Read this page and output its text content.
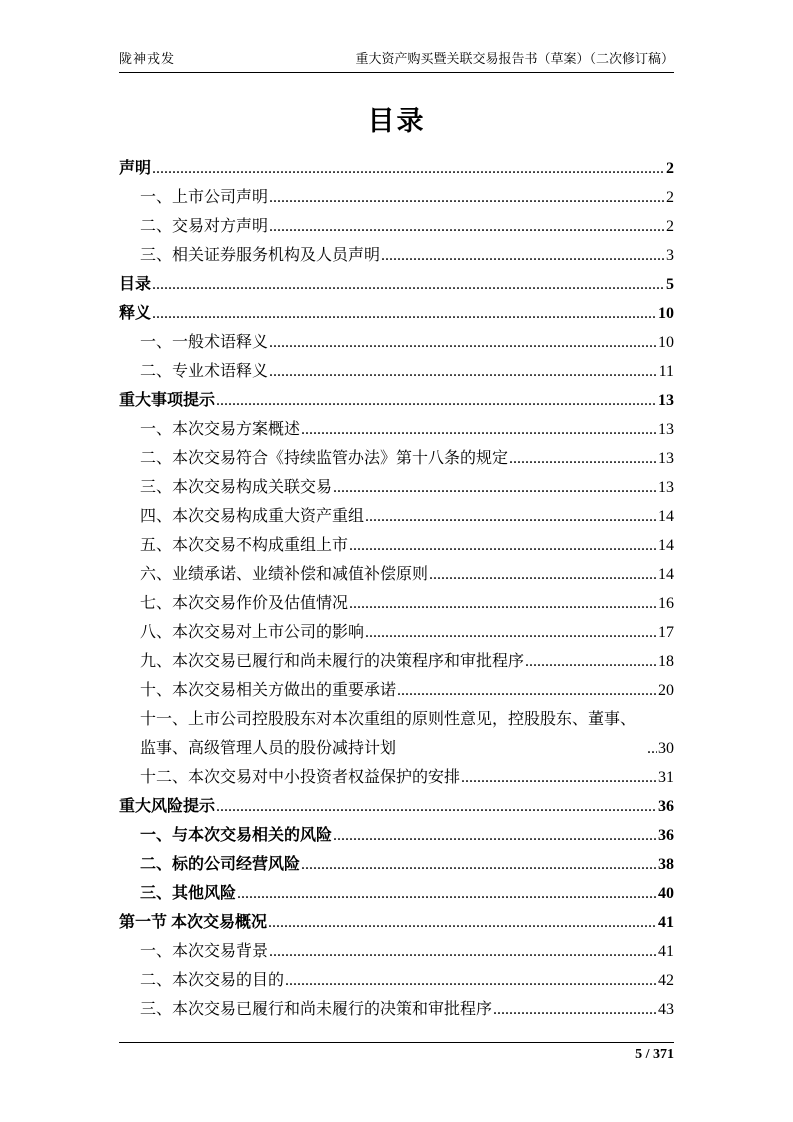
陇神戎发	重大资产购买暨关联交易报告书（草案）（二次修订稿）
目录
声明 .....	2
一、上市公司声明 .....	2
二、交易对方声明 .....	2
三、相关证券服务机构及人员声明 .....	3
目录 .....	5
释义 .....	10
一、一般术语释义 .....	10
二、专业术语释义 .....	11
重大事项提示 .....	13
一、本次交易方案概述 .....	13
二、本次交易符合《持续监管办法》第十八条的规定 .....	13
三、本次交易构成关联交易 .....	13
四、本次交易构成重大资产重组 .....	14
五、本次交易不构成重组上市 .....	14
六、业绩承诺、业绩补偿和减值补偿原则 .....	14
七、本次交易作价及估值情况 .....	16
八、本次交易对上市公司的影响 .....	17
九、本次交易已履行和尚未履行的决策程序和审批程序 .....	18
十、本次交易相关方做出的重要承诺 .....	20
十一、上市公司控股股东对本次重组的原则性意见，控股股东、董事、监事、高级管理人员的股份减持计划 .....	30
十二、本次交易对中小投资者权益保护的安排 .....	31
重大风险提示 .....	36
一、与本次交易相关的风险 .....	36
二、标的公司经营风险 .....	38
三、其他风险 .....	40
第一节 本次交易概况 .....	41
一、本次交易背景 .....	41
二、本次交易的目的 .....	42
三、本次交易已履行和尚未履行的决策和审批程序 .....	43
5 / 371
